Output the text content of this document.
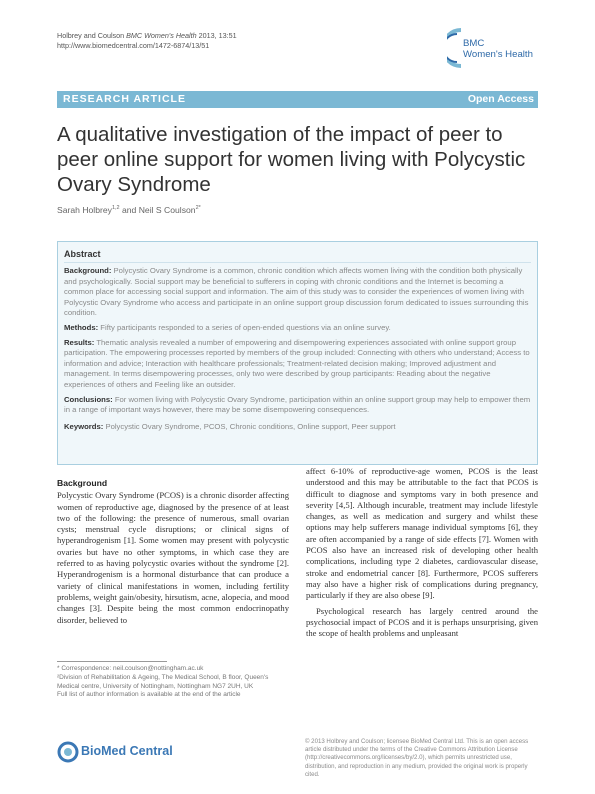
Holbrey and Coulson BMC Women's Health 2013, 13:51
http://www.biomedcentral.com/1472-6874/13/51	BMC
Women's Health
RESEARCH ARTICLE	Open Access
A qualitative investigation of the impact of peer to peer online support for women living with Polycystic Ovary Syndrome
Sarah Holbrey$^{1,2}$ and Neil S Coulson$^{2*}$
Abstract

Background: Polycystic Ovary Syndrome is a common, chronic condition which affects women living with the condition both physically and psychologically. Social support may be beneficial to sufferers in coping with chronic conditions and the Internet is becoming a common place for accessing social support and information. The aim of this study was to consider the experiences of women living with Polycystic Ovary Syndrome who access and participate in an online support group discussion forum dedicated to issues surrounding this condition.

Methods: Fifty participants responded to a series of open-ended questions via an online survey.

Results: Thematic analysis revealed a number of empowering and disempowering experiences associated with online support group participation. The empowering processes reported by members of the group included: Connecting with others who understand; Access to information and advice; Interaction with healthcare professionals; Treatment-related decision making; Improved adjustment and management. In terms disempowering processes, only two were described by group participants: Reading about the negative experiences of others and Feeling like an outsider.

Conclusions: For women living with Polycystic Ovary Syndrome, participation within an online support group may help to empower them in a range of important ways however, there may be some disempowering consequences.

Keywords: Polycystic Ovary Syndrome, PCOS, Chronic conditions, Online support, Peer support

Background

Polycystic Ovary Syndrome (PCOS) is a chronic disorder affecting women of reproductive age, diagnosed by the presence of at least two of the following: the presence of numerous, small ovarian cysts; menstrual cycle disruptions; or clinical signs of hyperandrogenism [1]. Some women may present with polycystic ovaries but have no other symptoms, in which case they are referred to as having polycystic ovaries without the syndrome [2]. Hyperandrogenism is a hormonal disturbance that can produce a variety of clinical manifestations in women, including fertility problems, weight gain/obesity, hirsutism, acne, alopecia, and mood changes [3]. Despite being the most common endocrinopathy disorder, believed to

affect 6-10% of reproductive-age women, PCOS is the least understood and this may be attributable to the fact that PCOS is difficult to diagnose and symptoms vary in both presence and severity [4,5]. Although incurable, treatment may include lifestyle changes, as well as medication and surgery and whilst these options may help sufferers manage individual symptoms [6], they are often accompanied by a range of side effects [7]. Women with PCOS also have an increased risk of developing other health complications, including type 2 diabetes, cardiovascular disease, stroke and endometrial cancer [8]. Furthermore, PCOS sufferers may also have a higher risk of complications during pregnancy, particularly if they are also obese [9].

Psychological research has largely centred around the psychosocial impact of PCOS and it is perhaps unsurprising, given the scope of health problems and unpleasant

* Correspondence: neil.coulson@nottingham.ac.uk

²Division of Rehabilitation & Ageing, The Medical School, B floor, Queen's Medical centre, University of Nottingham, Nottingham NG7 2UH, UK

Full list of author information is available at the end of the article

BioMed Central
© 2013 Holbrey and Coulson; licensee BioMed Central Ltd. This is an open access article distributed under the terms of the Creative Commons Attribution License (http://creativecommons.org/licenses/by/2.0), which permits unrestricted use, distribution, and reproduction in any medium, provided the original work is properly cited.
